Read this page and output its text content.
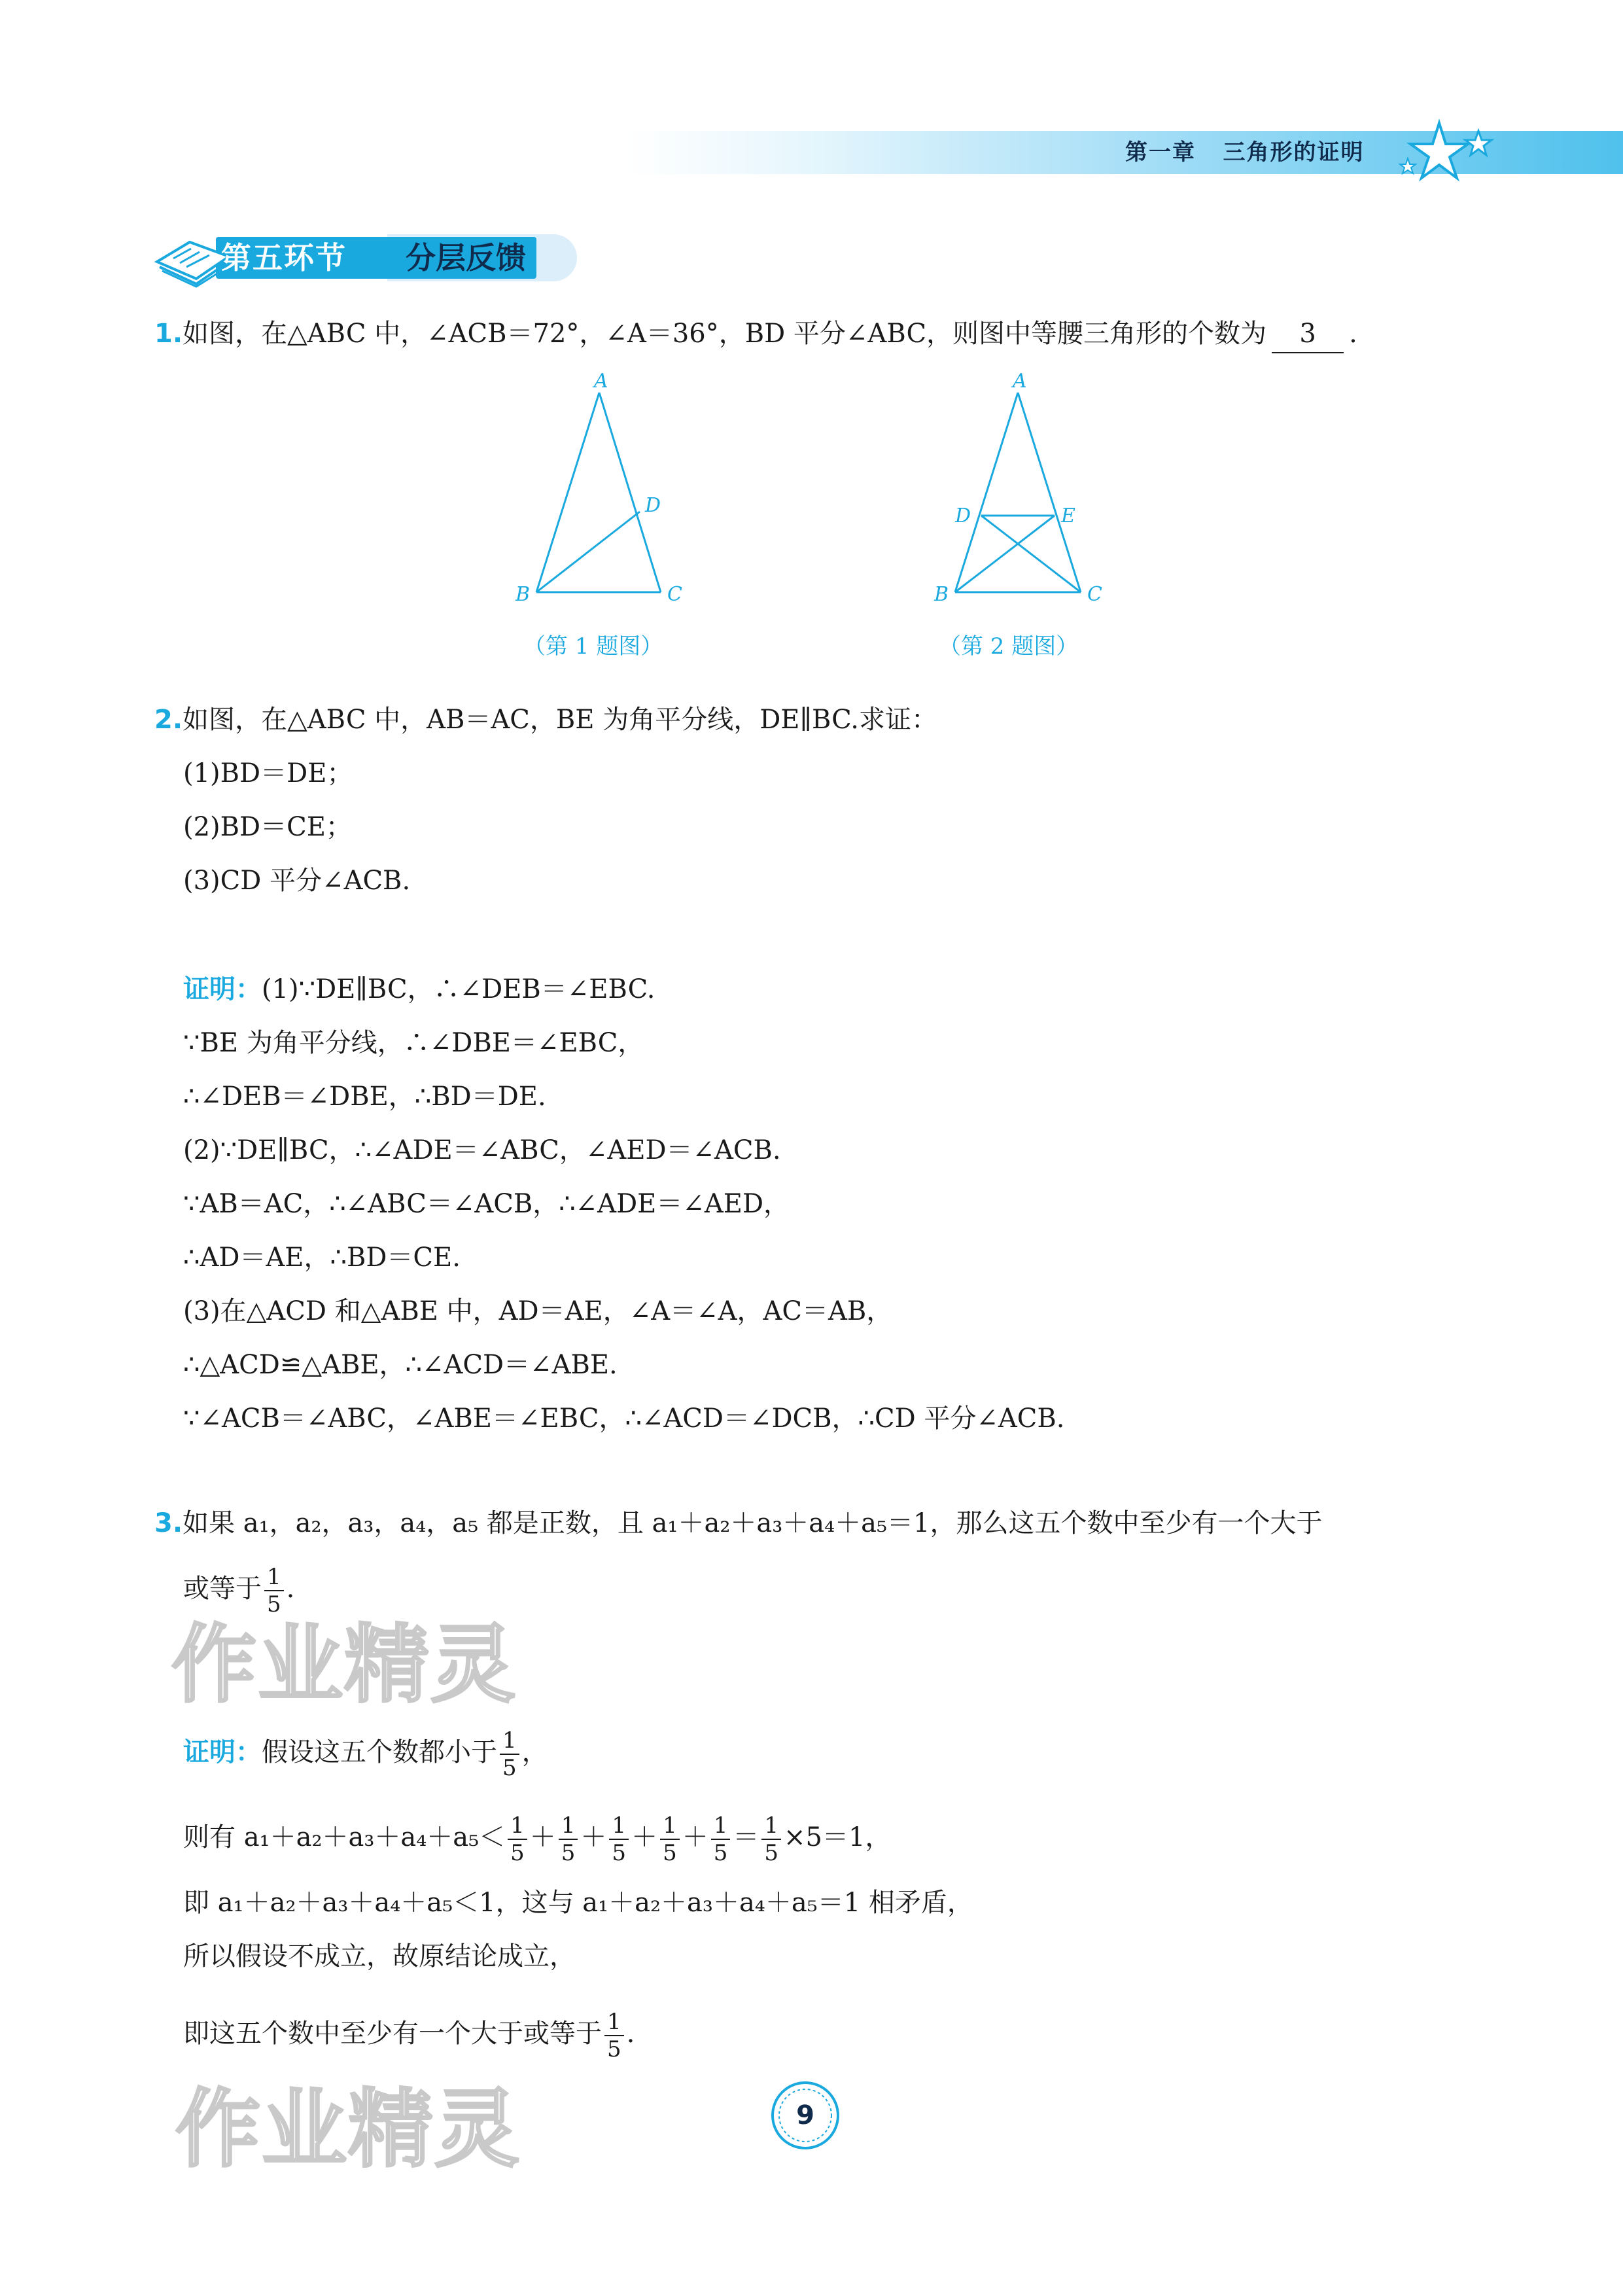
第一章 三角形的证明
第五环节 分层反馈
1.如图，在△ABC 中，∠ACB＝72°，∠A＝36°，BD 平分∠ABC，则图中等腰三角形的个数为 3 .
A
B	C
D
（第 1 题图）
A
B	C
D	E
（第 2 题图）
2.如图，在△ABC 中，AB＝AC，BE 为角平分线，DE∥BC.求证：
(1)BD＝DE；
(2)BD＝CE；
(3)CD 平分∠ACB.
证明：(1)∵DE∥BC，∴∠DEB＝∠EBC.
∵BE 为角平分线，∴∠DBE＝∠EBC，
∴∠DEB＝∠DBE，∴BD＝DE.
(2)∵DE∥BC，∴∠ADE＝∠ABC，∠AED＝∠ACB.
∵AB＝AC，∴∠ABC＝∠ACB，∴∠ADE＝∠AED，
∴AD＝AE，∴BD＝CE.
(3)在△ACD 和△ABE 中，AD＝AE，∠A＝∠A，AC＝AB，
∴△ACD≌△ABE，∴∠ACD＝∠ABE.
∵∠ACB＝∠ABC，∠ABE＝∠EBC，∴∠ACD＝∠DCB，∴CD 平分∠ACB.
3.如果 a₁，a₂，a₃，a₄，a₅ 都是正数，且 a₁＋a₂＋a₃＋a₄＋a₅＝1，那么这五个数中至少有一个大于
或等于 $\frac{1}{5}$ .
作业精灵
证明：假设这五个数都小于 $\frac{1}{5}$ ，
则有 $a_1+a_2+a_3+a_4+a_5< \frac{1}{5} + \frac{1}{5} + \frac{1}{5} + \frac{1}{5} + \frac{1}{5} = \frac{1}{5} \times 5=1$，
即 a₁＋a₂＋a₃＋a₄＋a₅＜1，这与 a₁＋a₂＋a₃＋a₄＋a₅＝1 相矛盾，
所以假设不成立，故原结论成立，
即这五个数中至少有一个大于或等于 $\frac{1}{5}$ .
作业精灵	9
